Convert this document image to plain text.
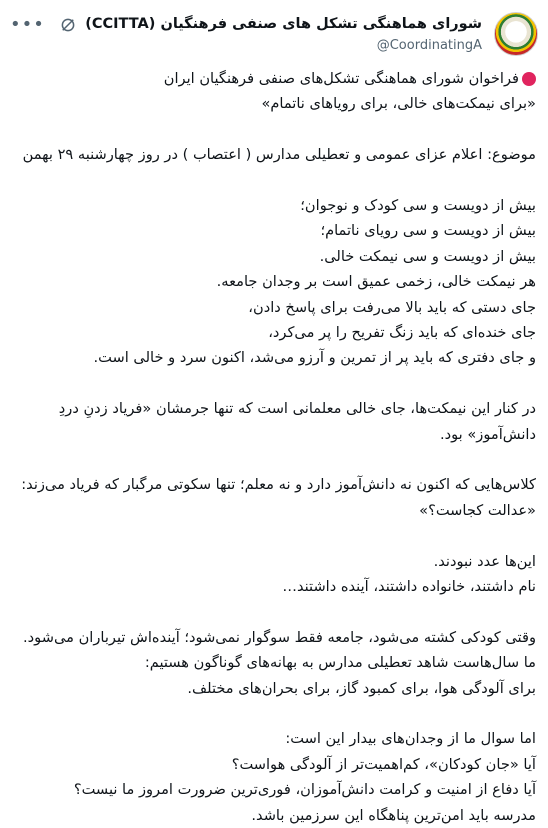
شورای هماهنگی تشکل های صنفی فرهنگیان (CCITTA)
@CoordinatingA
•••
فراخوان شورای هماهنگی تشکل‌های صنفی فرهنگیان ایران
«برای نیمکت‌های خالی، برای رویاهای ناتمام»
موضوع: اعلام عزای عمومی و تعطیلی مدارس ( اعتصاب ) در روز چهارشنبه ۲۹ بهمن
بیش از دویست و سی کودک و نوجوان؛
بیش از دویست و سی رویای ناتمام؛
بیش از دویست و سی نیمکت خالی.
هر نیمکت خالی، زخمی عمیق است بر وجدان جامعه.
جای دستی که باید بالا می‌رفت برای پاسخ دادن،
جای خنده‌ای که باید زنگ تفریح را پر می‌کرد،
و جای دفتری که باید پر از تمرین و آرزو می‌شد، اکنون سرد و خالی است.
در کنار این نیمکت‌ها، جای خالی معلمانی است که تنها جرمشان «فریاد زدنِ دردِ
دانش‌آموز» بود.
کلاس‌هایی که اکنون نه دانش‌آموز دارد و نه معلم؛ تنها سکوتی مرگبار که فریاد می‌زند:
«عدالت کجاست؟»
این‌ها عدد نبودند.
نام داشتند، خانواده داشتند، آینده داشتند…
وقتی کودکی کشته می‌شود، جامعه فقط سوگوار نمی‌شود؛ آینده‌اش تیرباران می‌شود.
ما سال‌هاست شاهد تعطیلی مدارس به بهانه‌های گوناگون هستیم:
برای آلودگی هوا، برای کمبود گاز، برای بحران‌های مختلف.
اما سوال ما از وجدان‌های بیدار این است:
آیا «جان کودکان»، کم‌اهمیت‌تر از آلودگی هواست؟
آیا دفاع از امنیت و کرامت دانش‌آموزان، فوری‌ترین ضرورت امروز ما نیست؟
مدرسه باید امن‌ترین پناهگاه این سرزمین باشد.
